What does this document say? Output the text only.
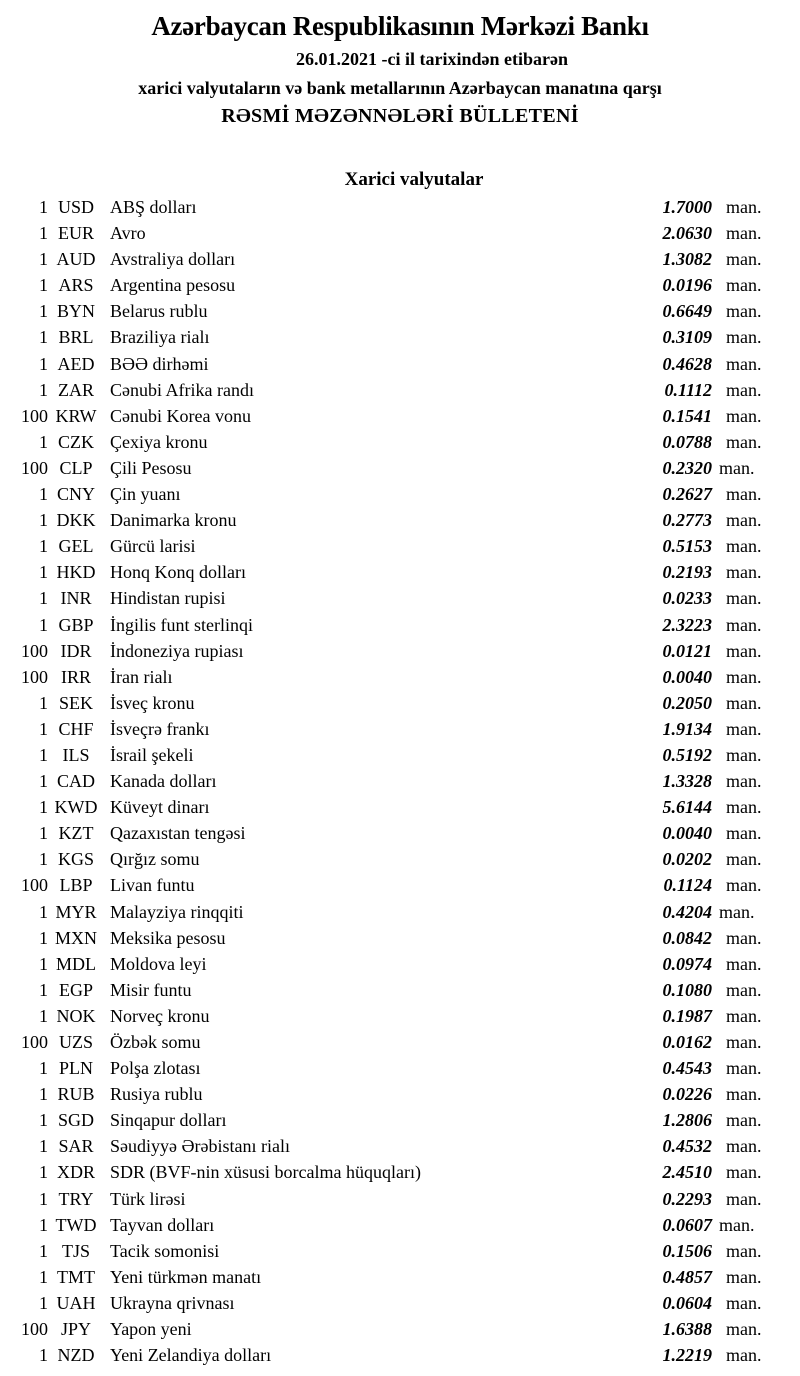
Azərbaycan Respublikasının Mərkəzi Bankı
26.01.2021 -ci il tarixindən etibarən
xarici valyutaların və bank metallarının Azərbaycan manatına qarşı
RƏSMİ MƏZƏNNƏLƏRİ BÜLLETENİ
Xarici valyutalar
1 USD ABŞ dolları	1.7000 man.
1 EUR Avro	2.0630 man.
1 AUD Avstraliya dolları	1.3082 man.
1 ARS Argentina pesosu	0.0196 man.
1 BYN Belarus rublu	0.6649 man.
1 BRL Braziliya rialı	0.3109 man.
1 AED BƏƏ dirhəmi	0.4628 man.
1 ZAR Cənubi Afrika randı	0.1112 man.
100 KRW Cənubi Korea vonu	0.1541 man.
1 CZK Çexiya kronu	0.0788 man.
100 CLP Çili Pesosu	0.2320 man.
1 CNY Çin yuanı	0.2627 man.
1 DKK Danimarka kronu	0.2773 man.
1 GEL Gürcü larisi	0.5153 man.
1 HKD Honq Konq dolları	0.2193 man.
1 INR	Hindistan rupisi	0.0233 man.
1 GBP İngilis funt sterlinqi	2.3223 man.
100 IDR	İndoneziya rupiası	0.0121 man.
100 IRR	İran rialı	0.0040 man.
1 SEK İsveç kronu	0.2050 man.
1 CHF İsveçrə frankı	1.9134 man.
1 ILS	İsrail şekeli	0.5192 man.
1 CAD Kanada dolları	1.3328 man.
1 KWD Küveyt dinarı	5.6144 man.
1 KZT Qazaxıstan tengəsi	0.0040 man.
1 KGS Qırğız somu	0.0202 man.
100 LBP Livan funtu	0.1124 man.
1 MYR Malayziya rinqqiti	0.4204 man.
1 MXN Meksika pesosu	0.0842 man.
1 MDL Moldova leyi	0.0974 man.
1 EGP Misir funtu	0.1080 man.
1 NOK Norveç kronu	0.1987 man.
100 UZS Özbək somu	0.0162 man.
1 PLN Polşa zlotası	0.4543 man.
1 RUB Rusiya rublu	0.0226 man.
1 SGD Sinqapur dolları	1.2806 man.
1 SAR Səudiyyə Ərəbistanı rialı	0.4532 man.
1 XDR SDR (BVF-nin xüsusi borcalma hüquqları)	2.4510 man.
1 TRY Türk lirəsi	0.2293 man.
1 TWD Tayvan dolları	0.0607 man.
1 TJS	Tacik somonisi	0.1506 man.
1 TMT Yeni türkmən manatı	0.4857 man.
1 UAH Ukrayna qrivnası	0.0604 man.
100 JPY	Yapon yeni	1.6388 man.
1 NZD Yeni Zelandiya dolları	1.2219 man.
